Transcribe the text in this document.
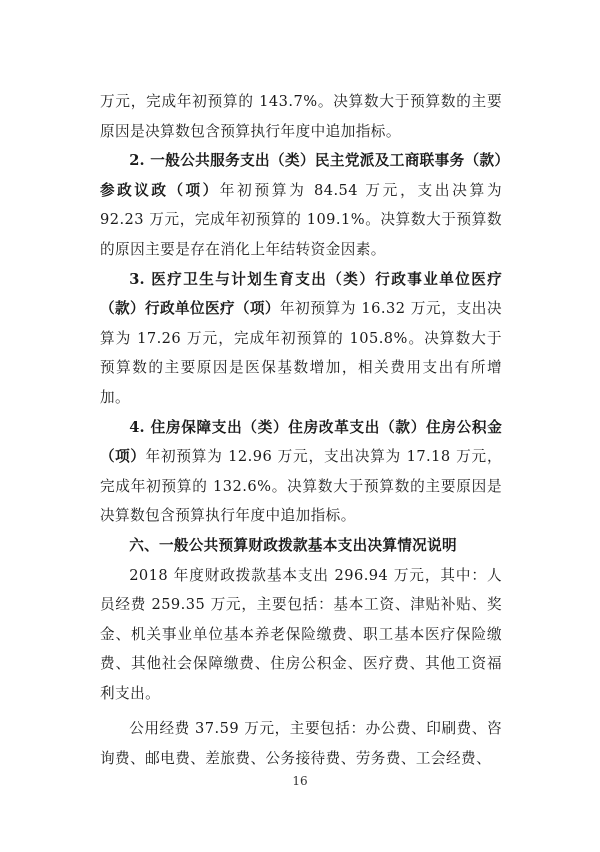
万元，完成年初预算的 143.7%。决算数大于预算数的主要原因是决算数包含预算执行年度中追加指标。

2. 一般公共服务支出（类）民主党派及工商联事务（款）参政议政（项）年初预算为 84.54 万元，支出决算为 92.23 万元，完成年初预算的 109.1%。决算数大于预算数的原因主要是存在消化上年结转资金因素。

3. 医疗卫生与计划生育支出（类）行政事业单位医疗（款）行政单位医疗（项）年初预算为 16.32 万元，支出决算为 17.26 万元，完成年初预算的 105.8%。决算数大于预算数的主要原因是医保基数增加，相关费用支出有所增加。

4. 住房保障支出（类）住房改革支出（款）住房公积金（项）年初预算为 12.96 万元，支出决算为 17.18 万元，完成年初预算的 132.6%。决算数大于预算数的主要原因是决算数包含预算执行年度中追加指标。

六、一般公共预算财政拨款基本支出决算情况说明

2018 年度财政拨款基本支出 296.94 万元，其中：人员经费 259.35 万元，主要包括：基本工资、津贴补贴、奖金、机关事业单位基本养老保险缴费、职工基本医疗保险缴费、其他社会保障缴费、住房公积金、医疗费、其他工资福利支出。

公用经费 37.59 万元，主要包括：办公费、印刷费、咨询费、邮电费、差旅费、公务接待费、劳务费、工会经费、

16
